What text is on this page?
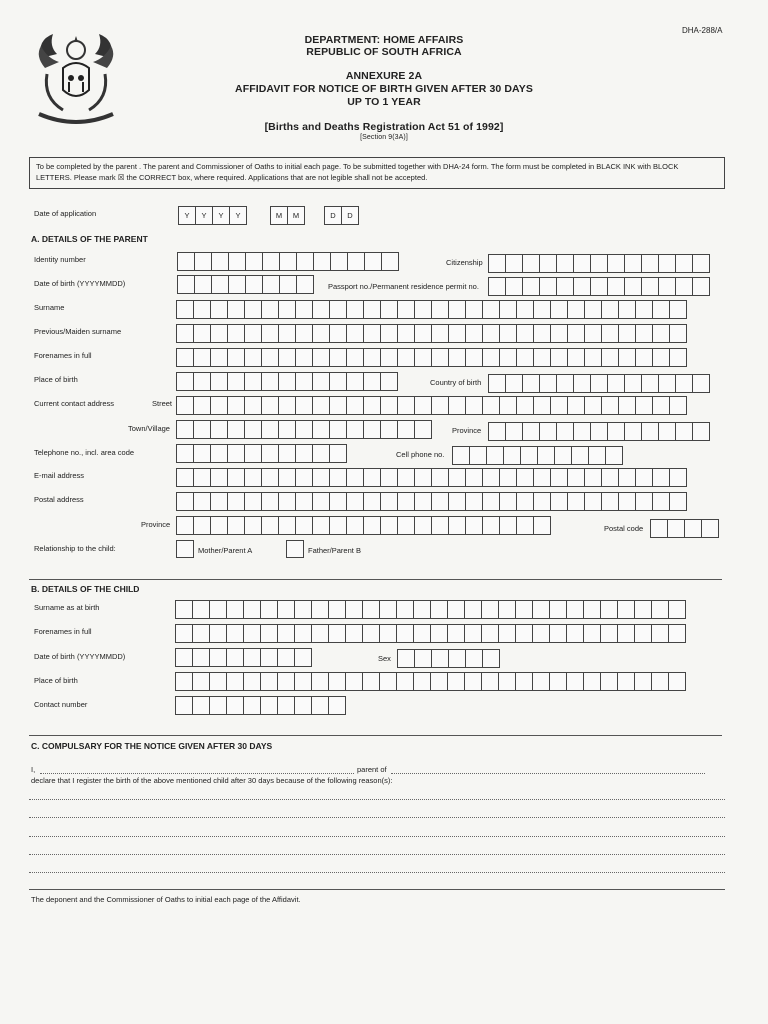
DHA-288/A
DEPARTMENT: HOME AFFAIRS
REPUBLIC OF SOUTH AFRICA
ANNEXURE 2A
AFFIDAVIT FOR NOTICE OF BIRTH GIVEN AFTER 30 DAYS
UP TO 1 YEAR
[Births and Deaths Registration Act 51 of 1992]
[Section 9(3A)]
To be completed by the parent . The parent and Commissioner of Oaths to initial each page. To be submitted together with DHA-24 form. The form must be completed in BLACK INK with BLOCK
LETTERS. Please mark ☒ the CORRECT box, where required. Applications that are not legible shall not be accepted.
Date of application	Y	Y	Y	Y	M	M	D	D
A. DETAILS OF THE PARENT
Identity number	Citizenship
Date of birth (YYYYMMDD)	Passport no./Permanent residence permit no.
Surname
Previous/Maiden surname
Forenames in full
Place of birth	Country of birth
Current contact address	Street
Town/Village	Province
Telephone no., incl. area code	Cell phone no.
E-mail address
Postal address
Province	Postal code
Relationship to the child:	Mother/Parent A	Father/Parent B
B. DETAILS OF THE CHILD
Surname as at birth
Forenames in full
Date of birth (YYYYMMDD)	Sex
Place of birth
Contact number
C. COMPULSARY FOR THE NOTICE GIVEN AFTER 30 DAYS
I,	parent of
declare that I register the birth of the above mentioned child after 30 days because of the following reason(s):
The deponent and the Commissioner of Oaths to initial each page of the Affidavit.
